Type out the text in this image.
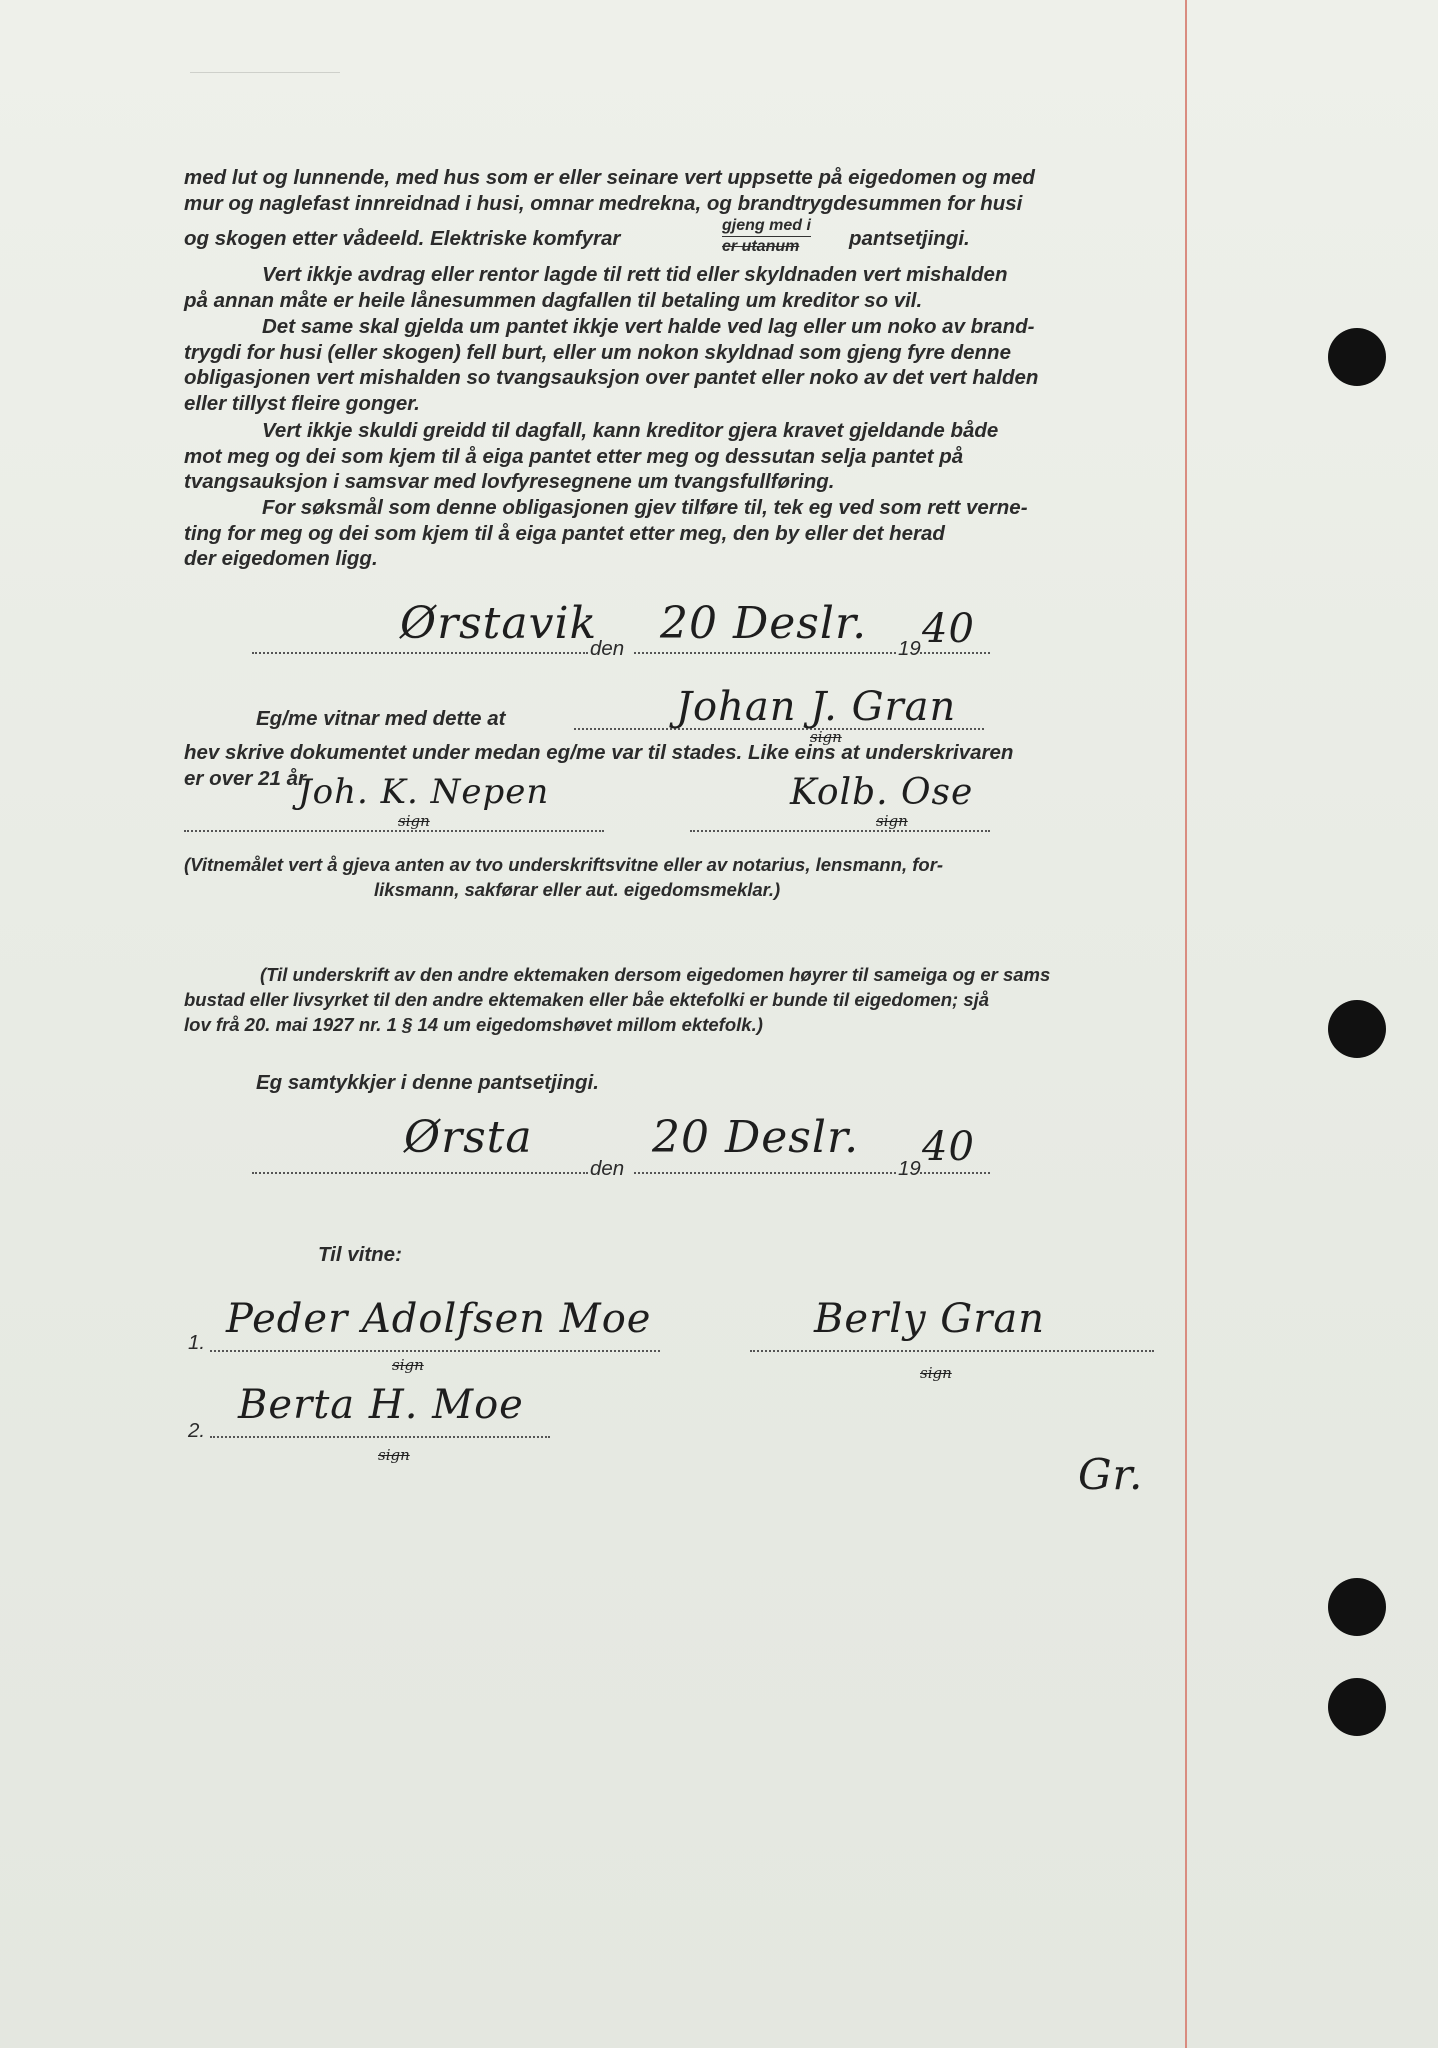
med lut og lunnende, med hus som er eller seinare vert uppsette på eigedomen og med
mur og naglefast innreidnad i husi, omnar medrekna, og brandtrygdesummen for husi
og skogen etter vådeeld. Elektriske komfyrar
gjeng med i
er utanum	pantsetjingi.
Vert ikkje avdrag eller rentor lagde til rett tid eller skyldnaden vert mishalden
på annan måte er heile lånesummen dagfallen til betaling um kreditor so vil.
Det same skal gjelda um pantet ikkje vert halde ved lag eller um noko av brand-
trygdi for husi (eller skogen) fell burt, eller um nokon skyldnad som gjeng fyre denne
obligasjonen vert mishalden so tvangsauksjon over pantet eller noko av det vert halden
eller tillyst fleire gonger.
Vert ikkje skuldi greidd til dagfall, kann kreditor gjera kravet gjeldande både
mot meg og dei som kjem til å eiga pantet etter meg og dessutan selja pantet på
tvangsauksjon i samsvar med lovfyresegnene um tvangsfullføring.
For søksmål som denne obligasjonen gjev tilføre til, tek eg ved som rett verne-
ting for meg og dei som kjem til å eiga pantet etter meg, den by eller det herad
der eigedomen ligg.
Ørstavik
den 20 Deslr. 19 40
Eg/me vitnar med dette at	Johan J. Gran
sign
hev skrive dokumentet under medan eg/me var til stades. Like eins at underskrivaren
er over 21 år.
Joh. K. Nepen
sign
Kolb. Ose
sign
(Vitnemålet vert å gjeva anten av tvo underskriftsvitne eller av notarius, lensmann, for-
liksmann, sakførar eller aut. eigedomsmeklar.)
(Til underskrift av den andre ektemaken dersom eigedomen høyrer til sameiga og er sams
bustad eller livsyrket til den andre ektemaken eller båe ektefolki er bunde til eigedomen; sjå
lov frå 20. mai 1927 nr. 1 § 14 um eigedomshøvet millom ektefolk.)
Eg samtykkjer i denne pantsetjingi.
Ørsta
den
20 Deslr.
19 40
Til vitne:
1.
Peder Adolfsen Moe
sign
Berly Gran
sign
2.
Berta H. Moe
sign	Gr.
